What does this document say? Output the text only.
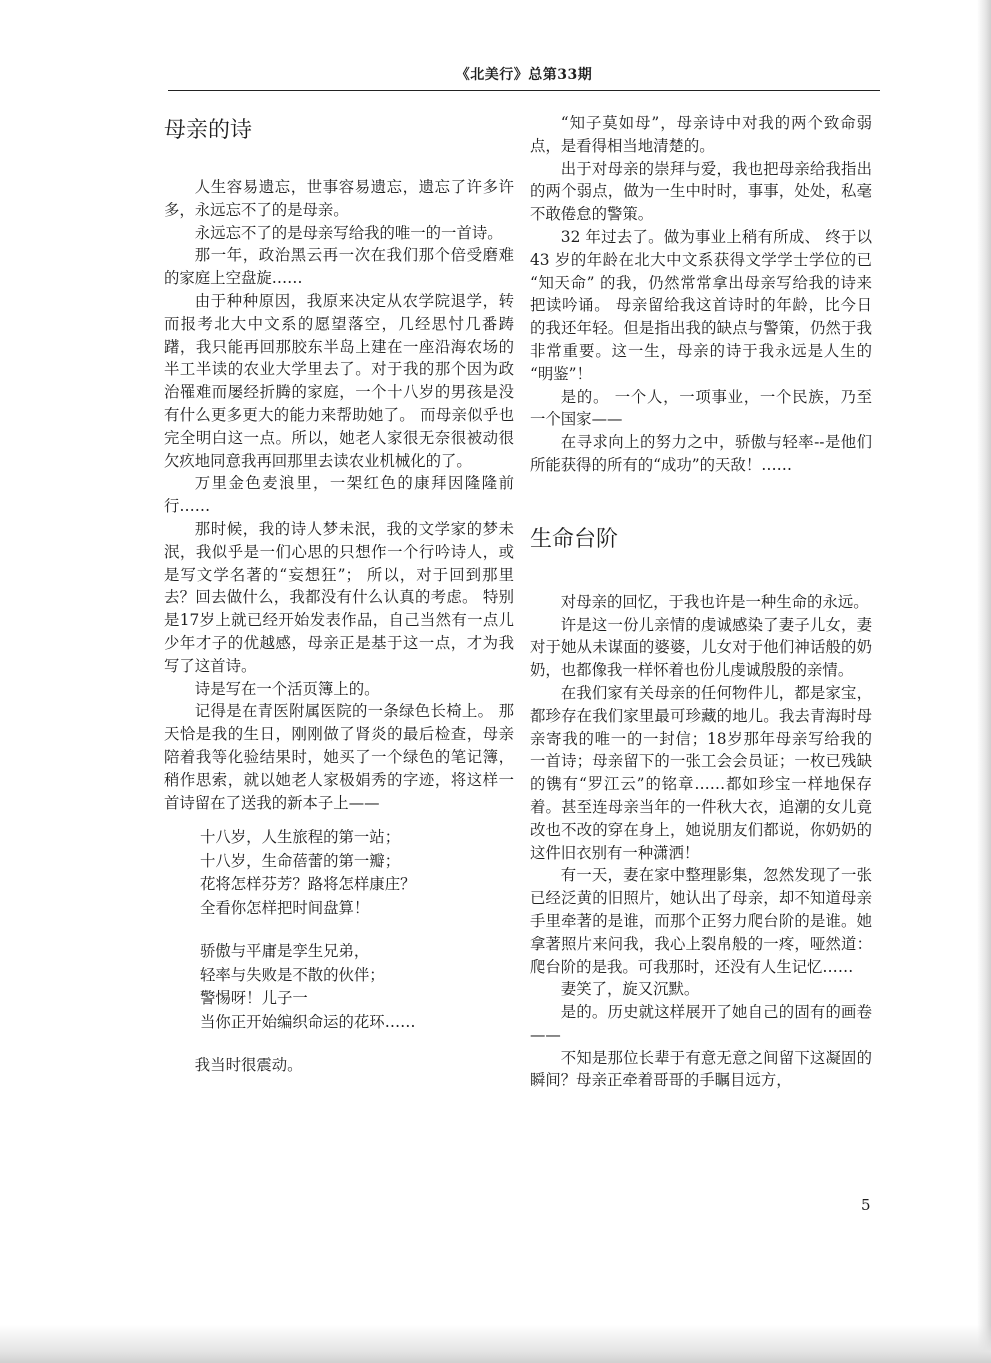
《北美行》总第33期
母亲的诗

人生容易遗忘，世事容易遗忘，遗忘了许多许多，永远忘不了的是母亲。

永远忘不了的是母亲写给我的唯一的一首诗。

那一年，政治黑云再一次在我们那个倍受磨难的家庭上空盘旋……

由于种种原因，我原来决定从农学院退学，转而报考北大中文系的愿望落空，几经思忖几番踌躇，我只能再回那胶东半岛上建在一座沿海农场的半工半读的农业大学里去了。对于我的那个因为政治罹难而屡经折腾的家庭，一个十八岁的男孩是没有什么更多更大的能力来帮助她了。 而母亲似乎也完全明白这一点。所以，她老人家很无奈很被动很欠疚地同意我再回那里去读农业机械化的了。

万里金色麦浪里，一架红色的康拜因隆隆前行……

那时候，我的诗人梦未泯，我的文学家的梦未泯，我似乎是一们心思的只想作一个行吟诗人，或是写文学名著的“妄想狂”； 所以，对于回到那里去？回去做什么，我都没有什么认真的考虑。 特别是17岁上就已经开始发表作品，自己当然有一点儿少年才子的优越感，母亲正是基于这一点，才为我写了这首诗。

诗是写在一个活页簿上的。

记得是在青医附属医院的一条绿色长椅上。 那天恰是我的生日，刚刚做了肾炎的最后检查，母亲陪着我等化验结果时，她买了一个绿色的笔记簿，稍作思索，就以她老人家极娟秀的字迹，将这样一首诗留在了送我的新本子上——

十八岁，人生旅程的第一站；
十八岁，生命蓓蕾的第一瓣；
花将怎样芬芳？路将怎样康庄？
全看你怎样把时间盘算！
骄傲与平庸是孪生兄弟，
轻率与失败是不散的伙伴；
警惕呀！儿子一
当你正开始编织命运的花环……

我当时很震动。

“知子莫如母”，母亲诗中对我的两个致命弱点，是看得相当地清楚的。

出于对母亲的崇拜与爱，我也把母亲给我指出的两个弱点，做为一生中时时，事事，处处，私毫不敢倦怠的警策。

32 年过去了。做为事业上稍有所成、 终于以 43 岁的年龄在北大中文系获得文学学士学位的已 “知天命” 的我，仍然常常拿出母亲写给我的诗来把读吟诵。 母亲留给我这首诗时的年龄，比今日的我还年轻。但是指出我的缺点与警策，仍然于我非常重要。这一生，母亲的诗于我永远是人生的 “明鉴”！

是的。 一个人，一项事业，一个民族，乃至一个国家——

在寻求向上的努力之中，骄傲与轻率--是他们所能获得的所有的“成功”的天敌！……

生命台阶

对母亲的回忆，于我也许是一种生命的永远。

许是这一份儿亲情的虔诚感染了妻子儿女，妻对于她从未谋面的婆婆，儿女对于他们神话般的奶奶，也都像我一样怀着也份儿虔诚殷殷的亲情。

在我们家有关母亲的任何物件儿，都是家宝，都珍存在我们家里最可珍藏的地儿。我去青海时母亲寄我的唯一的一封信；18岁那年母亲写给我的一首诗；母亲留下的一张工会会员证；一枚已残缺的镌有“罗江云”的铭章……都如珍宝一样地保存着。甚至连母亲当年的一件秋大衣，追潮的女儿竟改也不改的穿在身上，她说朋友们都说，你奶奶的这件旧衣别有一种潇洒！

有一天，妻在家中整理影集，忽然发现了一张已经泛黄的旧照片，她认出了母亲，却不知道母亲手里牵著的是谁，而那个正努力爬台阶的是谁。她拿著照片来问我，我心上裂帛般的一疼，哑然道：爬台阶的是我。可我那时，还没有人生记忆……

妻笑了，旋又沉默。

是的。历史就这样展开了她自己的固有的画卷——

不知是那位长辈于有意无意之间留下这凝固的瞬间？母亲正牵着哥哥的手瞩目远方，

5
